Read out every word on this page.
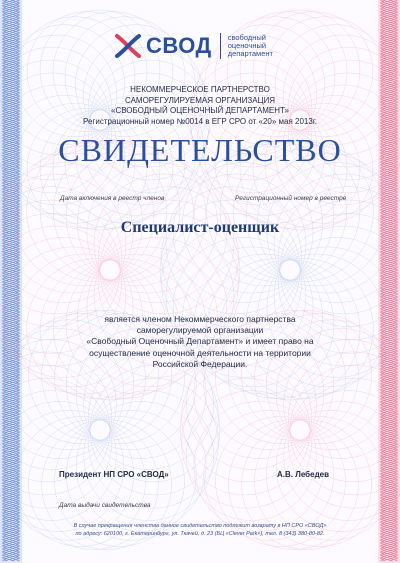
СВОД свободный
оценочный
департамент
НЕКОММЕРЧЕСКОЕ ПАРТНЕРСТВО
САМОРЕГУЛИРУЕМАЯ ОРГАНИЗАЦИЯ
«СВОБОДНЫЙ ОЦЕНОЧНЫЙ ДЕПАРТАМЕНТ»
Регистрационный номер №0014 в ЕГР СРО от «20» мая 2013г.
СВИДЕТЕЛЬСТВО
Дата включения в реестр членов	Регистрационный номер в реестре
Специалист-оценщик
является членом Некоммерческого партнерства
саморегулируемой организации
«Свободный Оценочный Департамент» и имеет право на
осуществление оценочной деятельности на территории
Российской Федерации.
Президент НП СРО «СВОД»	А.В. Лебедев
Дата выдачи свидетельства
В случае прекращения членства данное свидетельство подлежит возврату в НП СРО «СВОД»
по адресу: 620100, г. Екатеринбург, ул. Ткачей, д. 23 (БЦ «Clever Park»), тел. 8 (343) 380-80-82.
